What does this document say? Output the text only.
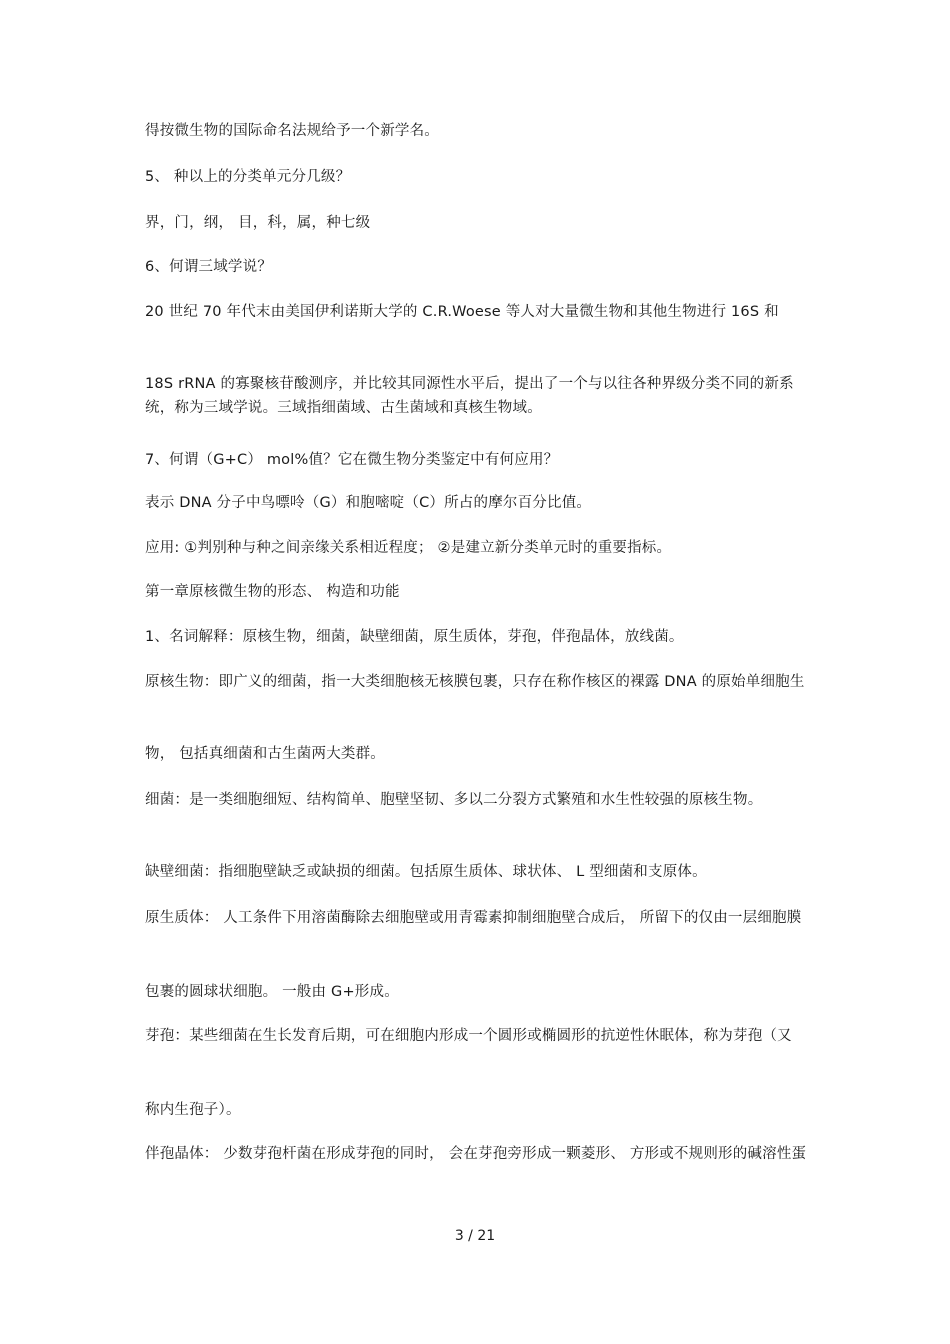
得按微生物的国际命名法规给予一个新学名。
5、 种以上的分类单元分几级？
界，门，纲， 目，科，属，种七级
6、何谓三域学说？
20 世纪 70 年代末由美国伊利诺斯大学的 C.R.Woese 等人对大量微生物和其他生物进行 16S 和
18S rRNA 的寡聚核苷酸测序，并比较其同源性水平后，提出了一个与以往各种界级分类不同的新系统，称为三域学说。三域指细菌域、古生菌域和真核生物域。
7、何谓（G+C） mol%值？它在微生物分类鉴定中有何应用？
表示 DNA 分子中鸟嘌呤（G）和胞嘧啶（C）所占的摩尔百分比值。
应用: ①判别种与种之间亲缘关系相近程度； ②是建立新分类单元时的重要指标。
第一章原核微生物的形态、 构造和功能
1、名词解释：原核生物，细菌，缺壁细菌，原生质体，芽孢，伴孢晶体，放线菌。
原核生物：即广义的细菌，指一大类细胞核无核膜包裹，只存在称作核区的裸露 DNA 的原始单细胞生
物， 包括真细菌和古生菌两大类群。
细菌：是一类细胞细短、结构简单、胞壁坚韧、多以二分裂方式繁殖和水生性较强的原核生物。
缺壁细菌：指细胞壁缺乏或缺损的细菌。包括原生质体、球状体、 L 型细菌和支原体。
原生质体： 人工条件下用溶菌酶除去细胞壁或用青霉素抑制细胞壁合成后， 所留下的仅由一层细胞膜
包裹的圆球状细胞。 一般由 G+形成。
芽孢：某些细菌在生长发育后期，可在细胞内形成一个圆形或椭圆形的抗逆性休眠体，称为芽孢（又
称内生孢子）。
伴孢晶体： 少数芽孢杆菌在形成芽孢的同时， 会在芽孢旁形成一颗菱形、 方形或不规则形的碱溶性蛋
3 / 21
